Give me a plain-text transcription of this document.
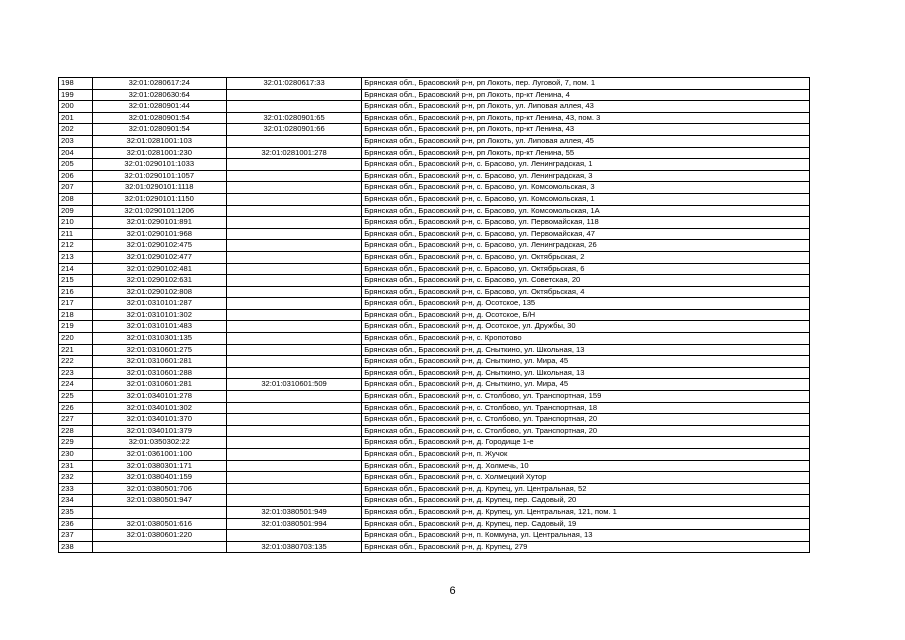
198	32:01:0280617:24	32:01:0280617:33	Брянская обл., Брасовский р-н, рп Локоть, пер. Луговой, 7, пом. 1
199	32:01:0280630:64		Брянская обл., Брасовский р-н, рп Локоть, пр-кт Ленина, 4
200	32:01:0280901:44		Брянская обл., Брасовский р-н, рп Локоть, ул. Липовая аллея, 43
201	32:01:0280901:54	32:01:0280901:65	Брянская обл., Брасовский р-н, рп Локоть, пр-кт Ленина, 43, пом. 3
202	32:01:0280901:54	32:01:0280901:66	Брянская обл., Брасовский р-н, рп Локоть, пр-кт Ленина, 43
203	32:01:0281001:103		Брянская обл., Брасовский р-н, рп Локоть, ул. Липовая аллея, 45
204	32:01:0281001:230	32:01:0281001:278	Брянская обл., Брасовский р-н, рп Локоть, пр-кт Ленина, 55
205	32:01:0290101:1033		Брянская обл., Брасовский р-н, с. Брасово, ул. Ленинградская, 1
206	32:01:0290101:1057		Брянская обл., Брасовский р-н, с. Брасово, ул. Ленинградская, 3
207	32:01:0290101:1118		Брянская обл., Брасовский р-н, с. Брасово, ул. Комсомольская, 3
208	32:01:0290101:1150		Брянская обл., Брасовский р-н, с. Брасово, ул. Комсомольская, 1
209	32:01:0290101:1206		Брянская обл., Брасовский р-н, с. Брасово, ул. Комсомольская, 1А
210	32:01:0290101:891		Брянская обл., Брасовский р-н, с. Брасово, ул. Первомайская, 118
211	32:01:0290101:968		Брянская обл., Брасовский р-н, с. Брасово, ул. Первомайская, 47
212	32:01:0290102:475		Брянская обл., Брасовский р-н, с. Брасово, ул. Ленинградская, 26
213	32:01:0290102:477		Брянская обл., Брасовский р-н, с. Брасово, ул. Октябрьская, 2
214	32:01:0290102:481		Брянская обл., Брасовский р-н, с. Брасово, ул. Октябрьская, 6
215	32:01:0290102:631		Брянская обл., Брасовский р-н, с. Брасово, ул. Советская, 20
216	32:01:0290102:808		Брянская обл., Брасовский р-н, с. Брасово, ул. Октябрьская, 4
217	32:01:0310101:287		Брянская обл., Брасовский р-н, д. Осотское, 135
218	32:01:0310101:302		Брянская обл., Брасовский р-н, д. Осотское, Б/Н
219	32:01:0310101:483		Брянская обл., Брасовский р-н, д. Осотское, ул. Дружбы, 30
220	32:01:0310301:135		Брянская обл., Брасовский р-н, с. Кропотово
221	32:01:0310601:275		Брянская обл., Брасовский р-н, д. Сныткино, ул. Школьная, 13
222	32:01:0310601:281		Брянская обл., Брасовский р-н, д. Сныткино, ул. Мира, 45
223	32:01:0310601:288		Брянская обл., Брасовский р-н, д. Сныткино, ул. Школьная, 13
224	32:01:0310601:281	32:01:0310601:509	Брянская обл., Брасовский р-н, д. Сныткино, ул. Мира, 45
225	32:01:0340101:278		Брянская обл., Брасовский р-н, с. Столбово, ул. Транспортная, 159
226	32:01:0340101:302		Брянская обл., Брасовский р-н, с. Столбово, ул. Транспортная, 18
227	32:01:0340101:370		Брянская обл., Брасовский р-н, с. Столбово, ул. Транспортная, 20
228	32:01:0340101:379		Брянская обл., Брасовский р-н, с. Столбово, ул. Транспортная, 20
229	32:01:0350302:22		Брянская обл., Брасовский р-н, д. Городище 1-е
230	32:01:0361001:100		Брянская обл., Брасовский р-н, п. Жучок
231	32:01:0380301:171		Брянская обл., Брасовский р-н, д. Холмечь, 10
232	32:01:0380401:159		Брянская обл., Брасовский р-н, с. Холмецкий Хутор
233	32:01:0380501:706		Брянская обл., Брасовский р-н, д. Крупец, ул. Центральная, 52
234	32:01:0380501:947		Брянская обл., Брасовский р-н, д. Крупец, пер. Садовый, 20
235		32:01:0380501:949	Брянская обл., Брасовский р-н, д. Крупец, ул. Центральная, 121, пом. 1
236	32:01:0380501:616	32:01:0380501:994	Брянская обл., Брасовский р-н, д. Крупец, пер. Садовый, 19
237	32:01:0380601:220		Брянская обл., Брасовский р-н, п. Коммуна, ул. Центральная, 13
238		32:01:0380703:135	Брянская обл., Брасовский р-н, д. Крупец, 279
6
